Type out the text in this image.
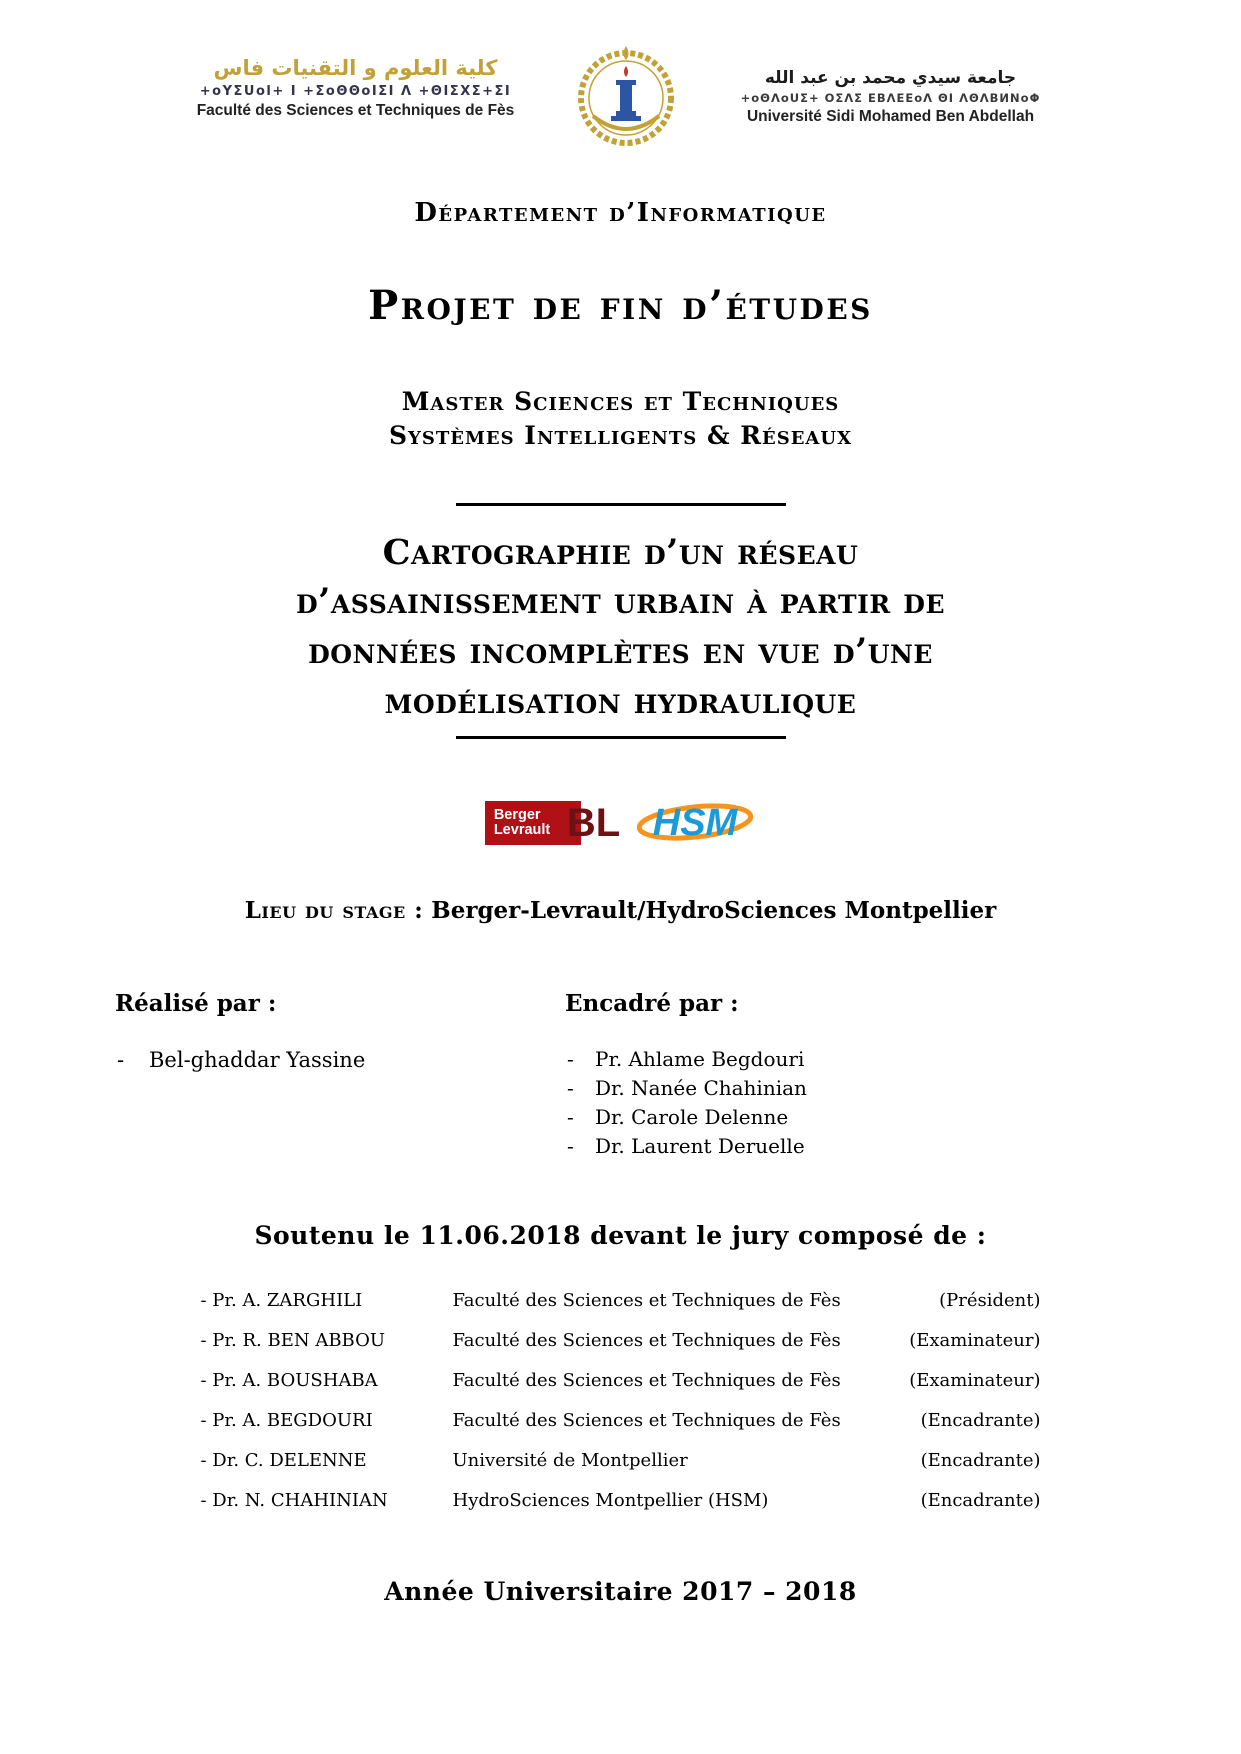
كلية العلوم و التقنيات فاس
+oYΣUol+ I +ΣoΘΘoIΣI Λ +ΘIΣXΣ+ΣI
Faculté des Sciences et Techniques de Fès
جامعة سيدي محمد بن عبد الله
+oΘΛoUΣ+ OΣΛΣ ΕΒΛΕΕoΛ ΘΙ ΛΘΛΒИΝoΦ
Université Sidi Mohamed Ben Abdellah
Département d’Informatique
Projet de fin d’études
Master Sciences et Techniques
Systèmes Intelligents & Réseaux
Cartographie d’un réseau
d’assainissement urbain à partir de
données incomplètes en vue d’une
modélisation hydraulique
Berger
Levrault BL HSM
Lieu du stage : Berger-Levrault/HydroSciences Montpellier
Réalisé par :
- Bel-ghaddar Yassine
Encadré par :
- Pr. Ahlame Begdouri
- Dr. Nanée Chahinian
- Dr. Carole Delenne
- Dr. Laurent Deruelle
Soutenu le 11.06.2018 devant le jury composé de :
- Pr. A. ZARGHILI	Faculté des Sciences et Techniques de Fès	(Président)
- Pr. R. BEN ABBOU	Faculté des Sciences et Techniques de Fès	(Examinateur)
- Pr. A. BOUSHABA	Faculté des Sciences et Techniques de Fès	(Examinateur)
- Pr. A. BEGDOURI	Faculté des Sciences et Techniques de Fès	(Encadrante)
- Dr. C. DELENNE	Université de Montpellier	(Encadrante)
- Dr. N. CHAHINIAN	HydroSciences Montpellier (HSM)	(Encadrante)
Année Universitaire 2017 – 2018
